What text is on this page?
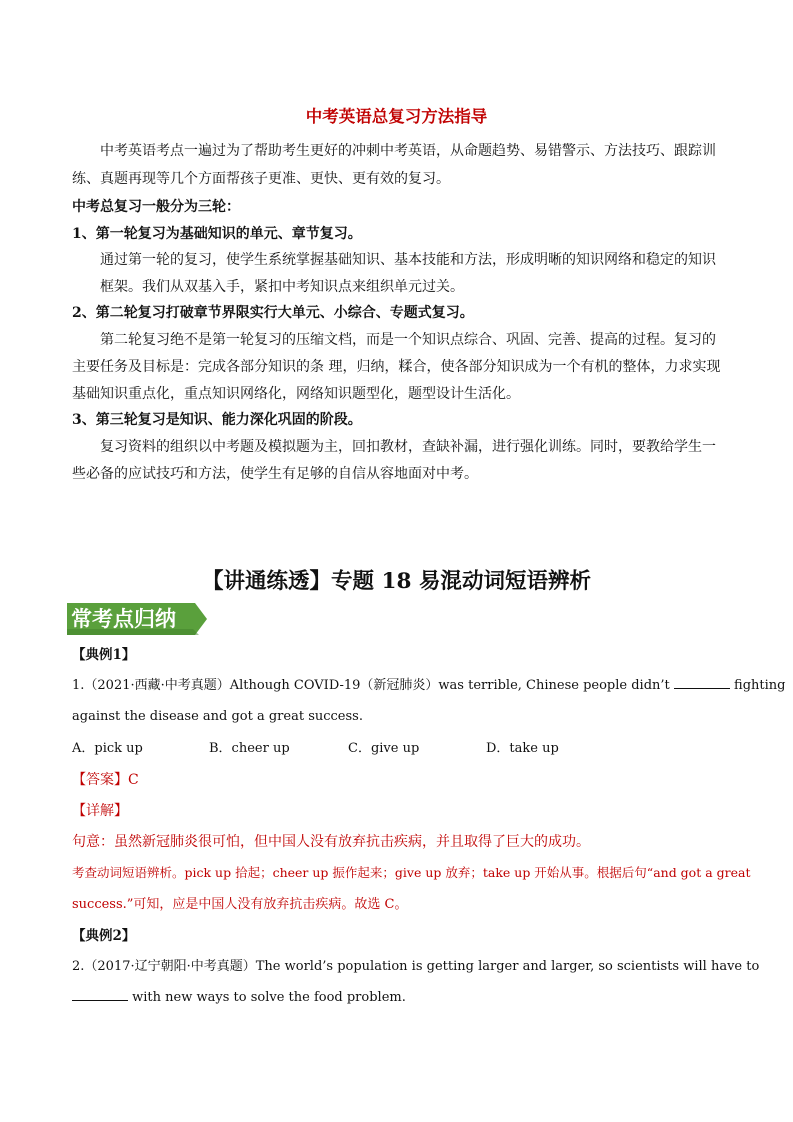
中考英语总复习方法指导
中考英语考点一遍过为了帮助考生更好的冲刺中考英语，从命题趋势、易错警示、方法技巧、跟踪训
练、真题再现等几个方面帮孩子更准、更快、更有效的复习。
中考总复习一般分为三轮：
1、第一轮复习为基础知识的单元、章节复习。
通过第一轮的复习，使学生系统掌握基础知识、基本技能和方法，形成明晰的知识网络和稳定的知识
框架。我们从双基入手，紧扣中考知识点来组织单元过关。
2、第二轮复习打破章节界限实行大单元、小综合、专题式复习。
第二轮复习绝不是第一轮复习的压缩文档，而是一个知识点综合、巩固、完善、提高的过程。复习的
主要任务及目标是：完成各部分知识的条 理，归纳，糅合，使各部分知识成为一个有机的整体，力求实现
基础知识重点化，重点知识网络化，网络知识题型化，题型设计生活化。
3、第三轮复习是知识、能力深化巩固的阶段。
复习资料的组织以中考题及模拟题为主，回扣教材，查缺补漏，进行强化训练。同时，要教给学生一
些必备的应试技巧和方法，使学生有足够的自信从容地面对中考。
【讲通练透】专题 18 易混动词短语辨析
常考点归纳
【典例1】
1.（2021·西藏·中考真题）Although COVID-19（新冠肺炎）was terrible, Chinese people didn’t	fighting
against the disease and got a great success.
A．pick up	B．cheer up	C．give up	D．take up
【答案】C
【详解】
句意：虽然新冠肺炎很可怕，但中国人没有放弃抗击疾病，并且取得了巨大的成功。
考查动词短语辨析。pick up 拾起；cheer up 振作起来；give up 放弃；take up 开始从事。根据后句“and got a great
success.”可知，应是中国人没有放弃抗击疾病。故选 C。
【典例2】
2.（2017·辽宁朝阳·中考真题）The world’s population is getting larger and larger, so scientists will have to
with new ways to solve the food problem.
